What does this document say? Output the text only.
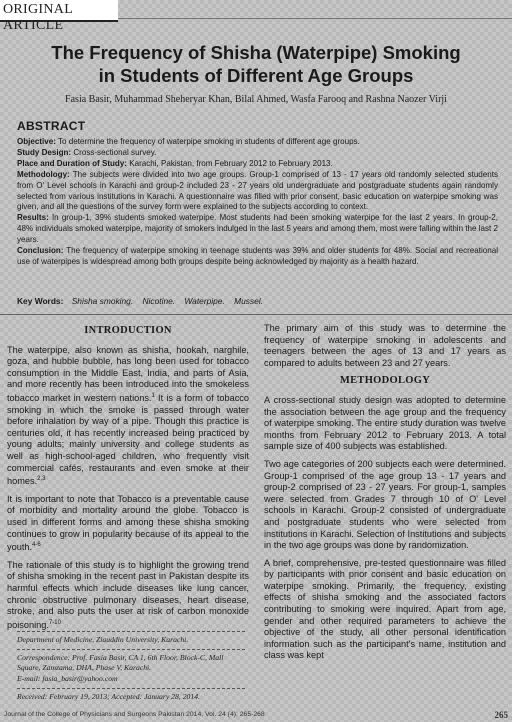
ORIGINAL ARTICLE
The Frequency of Shisha (Waterpipe) Smoking
in Students of Different Age Groups
Fasia Basir, Muhammad Sheheryar Khan, Bilal Ahmed, Wasfa Farooq and Rashna Naozer Virji
ABSTRACT

Objective: To determine the frequency of waterpipe smoking in students of different age groups.

Study Design: Cross-sectional survey.

Place and Duration of Study: Karachi, Pakistan, from February 2012 to February 2013.

Methodology: The subjects were divided into two age groups. Group-1 comprised of 13 - 17 years old randomly selected students from O' Level schools in Karachi and group-2 included 23 - 27 years old undergraduate and postgraduate students again randomly selected from various institutions in Karachi. A questionnaire was filled with prior consent, basic education on waterpipe smoking was given, and all the questions of the survey form were explained to the subjects according to context.

Results: In group-1, 39% students smoked waterpipe. Most students had been smoking waterpipe for the last 2 years. In group-2, 48% individuals smoked waterpipe, majority of smokers indulged in the last 5 years and among them, most were falling within the last 2 years.

Conclusion: The frequency of waterpipe smoking in teenage students was 39% and older students for 48%. Social and recreational use of waterpipes is widespread among both groups despite being acknowledged by majority as a health hazard.

Key Words: Shisha smoking. Nicotine. Waterpipe. Mussel.
INTRODUCTION

The waterpipe, also known as shisha, hookah, narghile, goza, and hubble bubble, has long been used for tobacco consumption in the Middle East, India, and parts of Asia, and more recently has been introduced into the smokeless tobacco market in western nations.$^1$ It is a form of tobacco smoking in which the smoke is passed through water before inhalation by way of a pipe. Though this practice is centuries old, it has recently increased being practiced by young adults; mainly university and college students as well as high-school-aged children, who frequently visit commercial cafés, restaurants and even smoke at their homes.$^{2,3}$

It is important to note that Tobacco is a preventable cause of morbidity and mortality around the globe. Tobacco is used in different forms and among these shisha smoking continues to grow in popularity because of its appeal to the youth.$^{4-6}$

The rationale of this study is to highlight the growing trend of shisha smoking in the recent past in Pakistan despite its harmful effects which include diseases like lung cancer, chronic obstructive pulmonary diseases, heart disease, stroke, and also puts the user at risk of carbon monoxide poisoning.$^{7-10}$

Department of Medicine, Ziauddin University, Karachi.
Correspondence: Prof. Fasia Basir, CA 1, 6th Floor, Block-C, Mall Square, Zamzama, DHA, Phase V, Karachi.
E-mail: fasia_basir@yahoo.com
Received: February 19, 2013; Accepted: January 28, 2014.

The primary aim of this study was to determine the frequency of waterpipe smoking in adolescents and teenagers between the ages of 13 and 17 years as compared to adults between 23 and 27 years.

METHODOLOGY

A cross-sectional study design was adopted to determine the association between the age group and the frequency of waterpipe smoking. The entire study duration was twelve months from February 2012 to February 2013. A total sample size of 400 subjects was established.

Two age categories of 200 subjects each were determined. Group-1 comprised of the age group 13 - 17 years and group-2 comprised of 23 - 27 years. For group-1, samples were selected from Grades 7 through 10 of O' Level schools in Karachi. Group-2 consisted of undergraduate and postgraduate students who were selected from institutions in Karachi. Selection of Institutions and subjects in the two age groups was done by randomization.

A brief, comprehensive, pre-tested questionnaire was filled by participants with prior consent and basic education on waterpipe smoking. Primarily, the frequency, existing effects of shisha smoking and the associated factors contributing to smoking were inquired. Apart from age, gender and other required parameters to achieve the objective of the study, all other personal identification information such as the participant's name, institution and class was kept

Journal of the College of Physicians and Surgeons Pakistan 2014, Vol. 24 (4): 265-268	265
